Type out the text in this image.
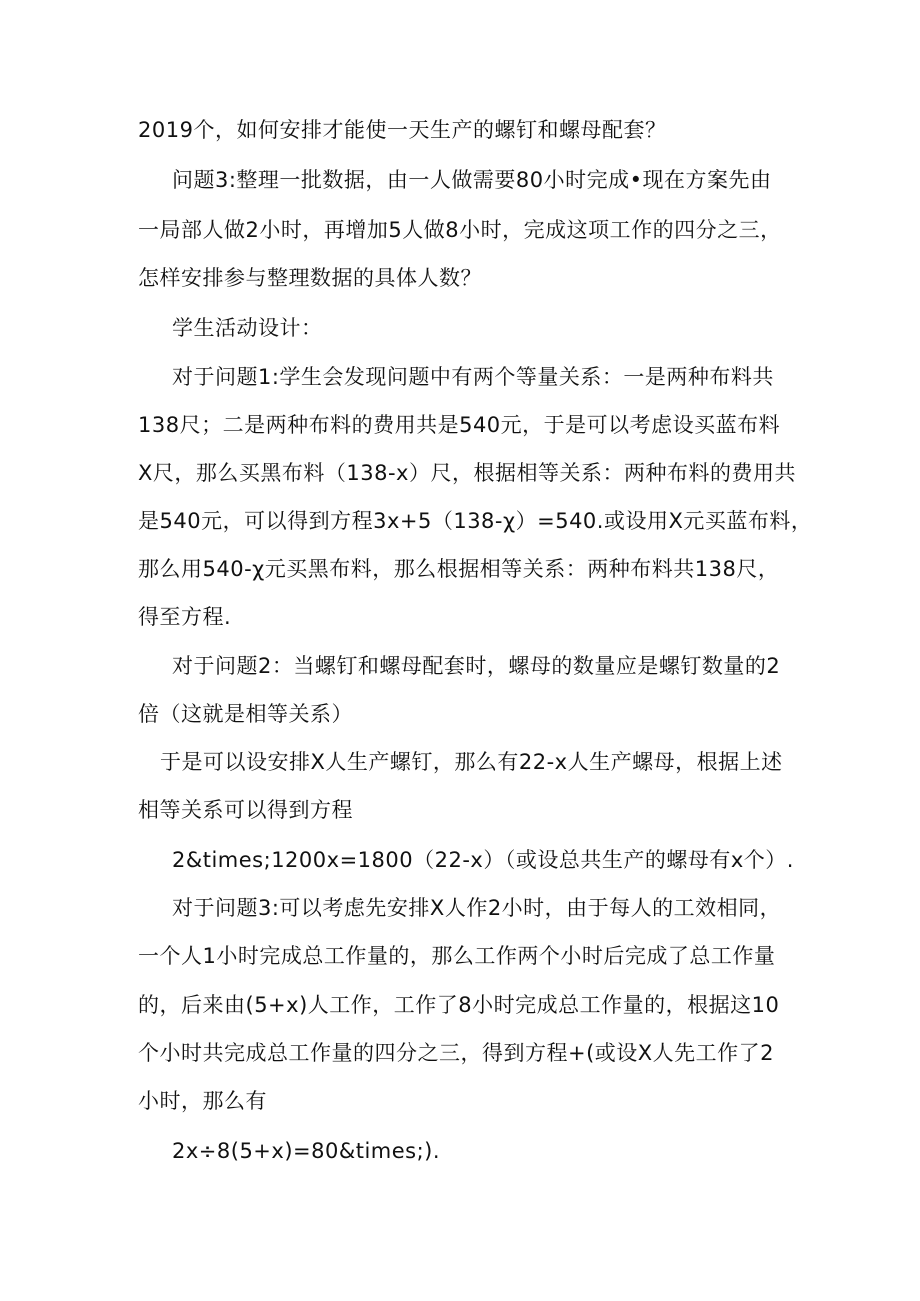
2019个，如何安排才能使一天生产的螺钉和螺母配套？
问题3:整理一批数据，由一人做需要80小时完成•现在方案先由
一局部人做2小时，再增加5人做8小时，完成这项工作的四分之三，
怎样安排参与整理数据的具体人数？
学生活动设计：
对于问题1:学生会发现问题中有两个等量关系：一是两种布料共
138尺；二是两种布料的费用共是540元，于是可以考虑设买蓝布料
X尺，那么买黑布料（138-x）尺，根据相等关系：两种布料的费用共
是540元，可以得到方程3x+5（138-χ）=540.或设用X元买蓝布料，
那么用540-χ元买黑布料，那么根据相等关系：两种布料共138尺，
得至方程.
对于问题2：当螺钉和螺母配套时，螺母的数量应是螺钉数量的2
倍（这就是相等关系）
于是可以设安排X人生产螺钉，那么有22-x人生产螺母，根据上述
相等关系可以得到方程
2&times;1200x=1800（22-x）（或设总共生产的螺母有x个）.
对于问题3:可以考虑先安排X人作2小时，由于每人的工效相同，
一个人1小时完成总工作量的，那么工作两个小时后完成了总工作量
的，后来由(5+x)人工作，工作了8小时完成总工作量的，根据这10
个小时共完成总工作量的四分之三，得到方程+(或设X人先工作了2
小时，那么有
2x÷8(5+x)=80&times;).
